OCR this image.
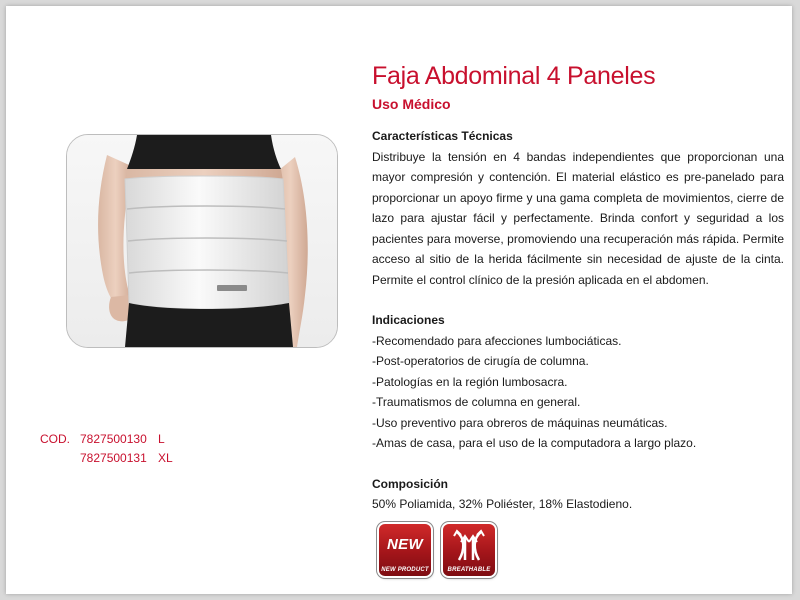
Faja Abdominal 4 Paneles
Uso Médico

Características Técnicas

Distribuye la tensión en 4 bandas independientes que proporcionan una mayor compresión y contención. El material elástico es pre-panelado para proporcionar un apoyo firme y una gama completa de movimientos, cierre de lazo para ajustar fácil y perfectamente. Brinda confort y seguridad a los pacientes para moverse, promoviendo una recuperación más rápida. Permite acceso al sitio de la herida fácilmente sin necesidad de ajuste de la cinta. Permite el control clínico de la presión aplicada en el abdomen.

Indicaciones

-Recomendado para afecciones lumbociáticas.
-Post-operatorios de cirugía de columna.
-Patologías en la región lumbosacra.
-Traumatismos de columna en general.
-Uso preventivo para obreros de máquinas neumáticas.
-Amas de casa, para el uso de la computadora a largo plazo.

Composición

50% Poliamida, 32% Poliéster, 18% Elastodieno.

COD. 7827500130 L
7827500131 XL
NEW
NEW PRODUCT	BREATHABLE
